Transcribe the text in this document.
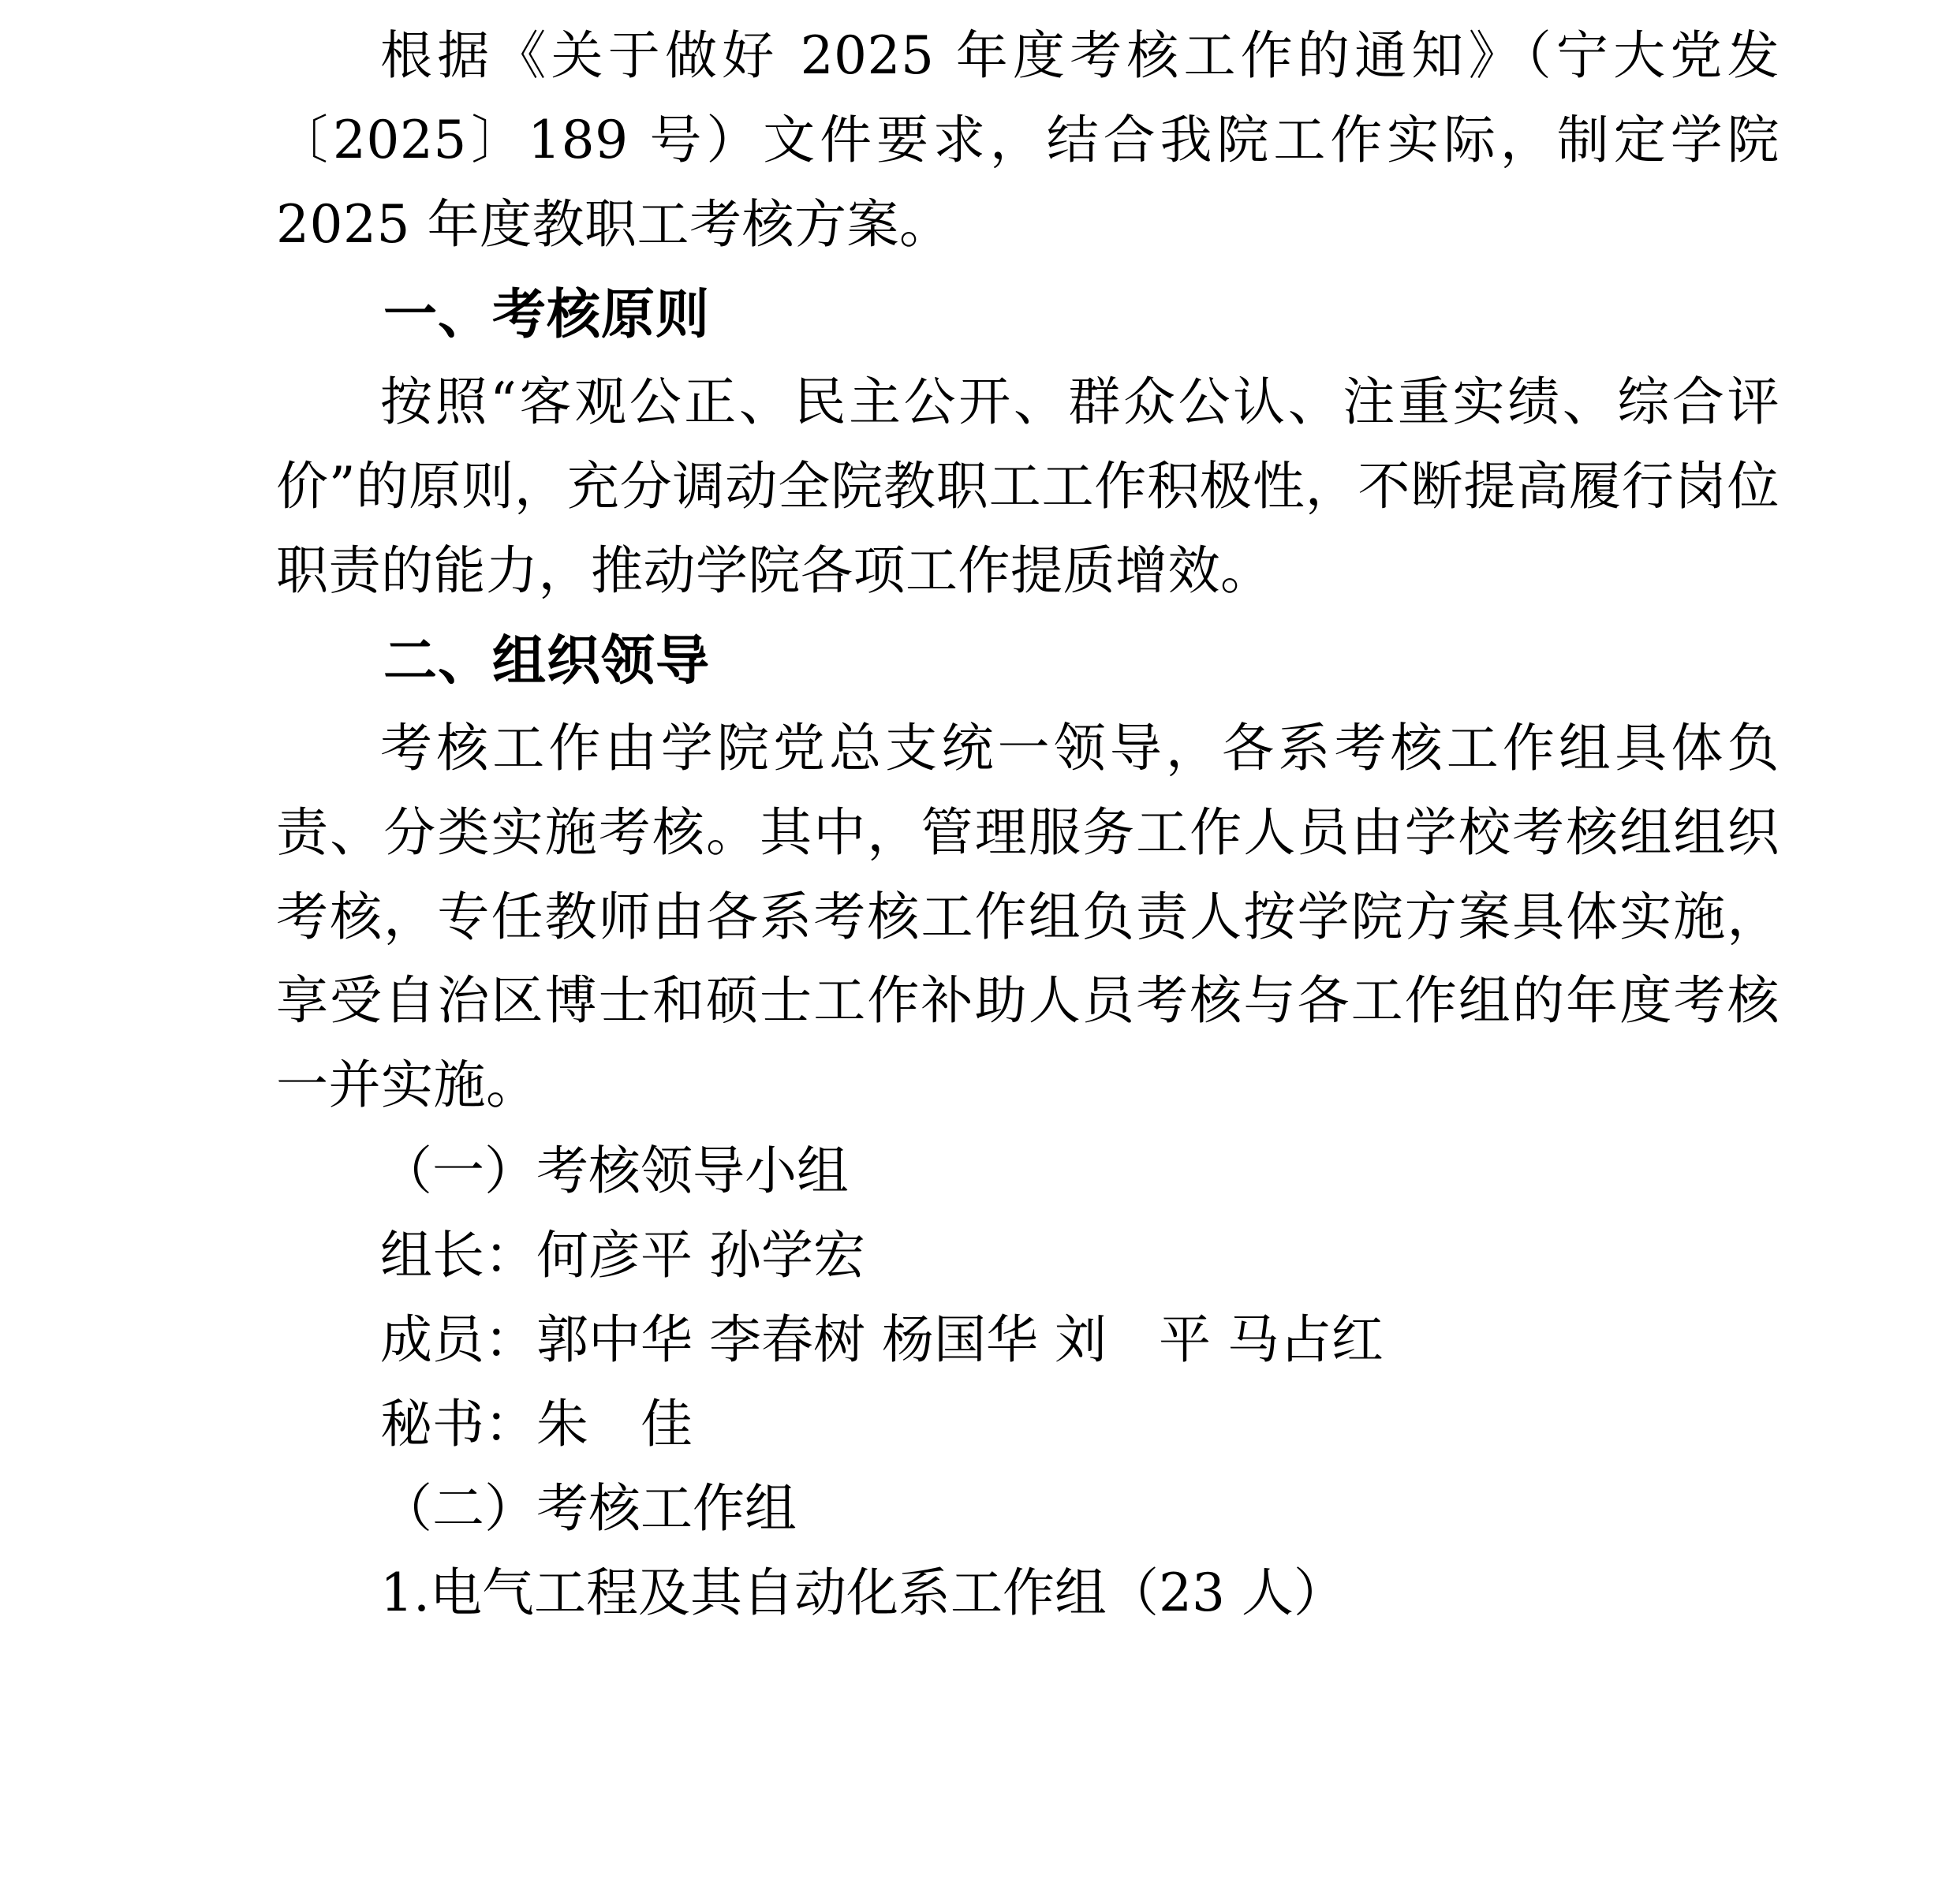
根据《关于做好 2025 年度考核工作的通知》（宁大党发〔2025〕189 号）文件要求，结合我院工作实际，制定学院 2025 年度教职工考核方案。

一、考核原则

按照“客观公正、民主公开、群众公认、注重实绩、综合评价”的原则，充分调动全院教职工工作积极性，不断提高履行岗位职责的能力，推动学院各项工作提质增效。

二、组织领导

考核工作由学院党总支统一领导，各系考核工作组具体负责、分类实施考核。其中，管理服务工作人员由学校考核组组织考核，专任教师由各系考核工作组负责人按学院方案具体实施，享受自治区博士和硕士工作补助人员考核与各工作组的年度考核一并实施。

（一）考核领导小组

组长：何彦平 孙学宏

成员：郭中华 李春树 杨国华 刘　平 马占红

秘书：朱　佳

（二）考核工作组

1.电气工程及其自动化系工作组（23 人）
